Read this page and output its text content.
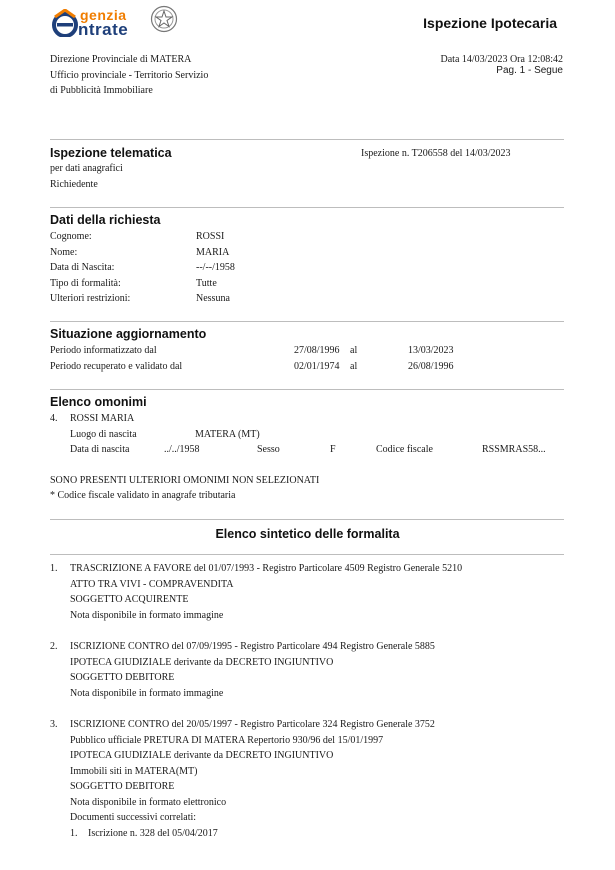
genzia
ntrate	Ispezione Ipotecaria
Direzione Provinciale di MATERA
Ufficio provinciale - Territorio Servizio
di Pubblicità Immobiliare
Data 14/03/2023 Ora 12:08:42
Pag. 1 - Segue
Ispezione telematica	Ispezione n. T206558 del 14/03/2023
per dati anagrafici
Richiedente
Dati della richiesta
Cognome:	ROSSI
Nome:	MARIA
Data di Nascita:	--/--/1958
Tipo di formalità:	Tutte
Ulteriori restrizioni:	Nessuna
Situazione aggiornamento
Periodo informatizzato dal	27/08/1996 al	13/03/2023
Periodo recuperato e validato dal	02/01/1974 al	26/08/1996
Elenco omonimi
4. ROSSI MARIA
Luogo di nascita	MATERA (MT)
Data di nascita	../../1958	Sesso	F	Codice fiscale	RSSMRAS58...
SONO PRESENTI ULTERIORI OMONIMI NON SELEZIONATI
* Codice fiscale validato in anagrafe tributaria
Elenco sintetico delle formalita
1. TRASCRIZIONE A FAVORE del 01/07/1993 - Registro Particolare 4509 Registro Generale 5210
ATTO TRA VIVI - COMPRAVENDITA
SOGGETTO ACQUIRENTE
Nota disponibile in formato immagine
2. ISCRIZIONE CONTRO del 07/09/1995 - Registro Particolare 494 Registro Generale 5885
IPOTECA GIUDIZIALE derivante da DECRETO INGIUNTIVO
SOGGETTO DEBITORE
Nota disponibile in formato immagine
3. ISCRIZIONE CONTRO del 20/05/1997 - Registro Particolare 324 Registro Generale 3752
Pubblico ufficiale PRETURA DI MATERA Repertorio 930/96 del 15/01/1997
IPOTECA GIUDIZIALE derivante da DECRETO INGIUNTIVO
Immobili siti in MATERA(MT)
SOGGETTO DEBITORE
Nota disponibile in formato elettronico
Documenti successivi correlati:
1. Iscrizione n. 328 del 05/04/2017
